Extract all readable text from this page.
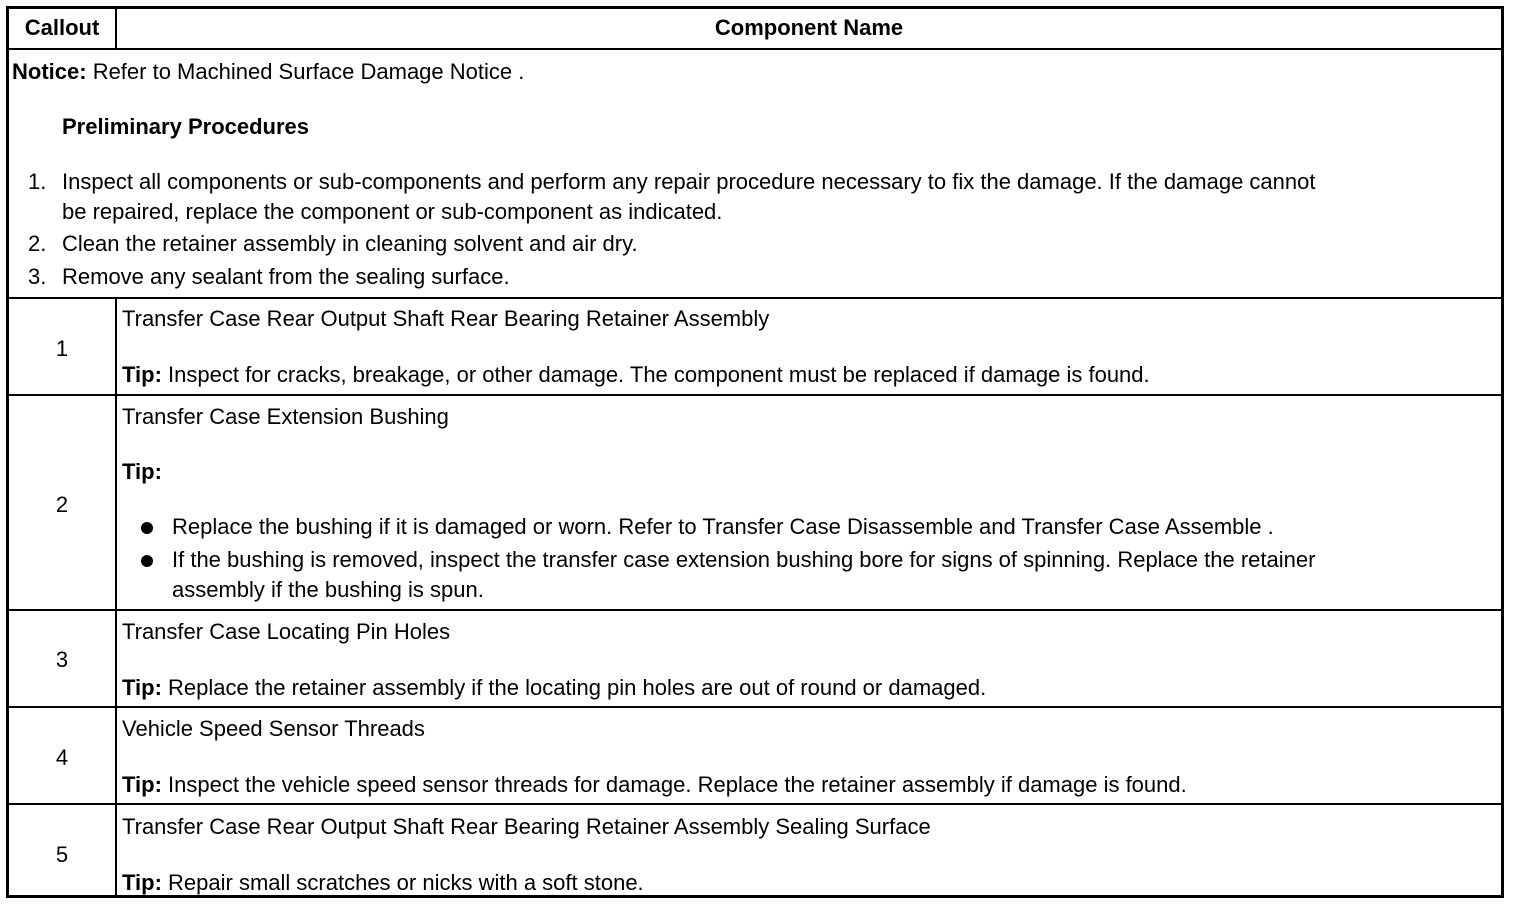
Callout	Component Name
Notice: Refer to Machined Surface Damage Notice .
Preliminary Procedures
1. Inspect all components or sub-components and perform any repair procedure necessary to fix the damage. If the damage cannot
be repaired, replace the component or sub-component as indicated.
2. Clean the retainer assembly in cleaning solvent and air dry.
3. Remove any sealant from the sealing surface.
1
Transfer Case Rear Output Shaft Rear Bearing Retainer Assembly
Tip: Inspect for cracks, breakage, or other damage. The component must be replaced if damage is found.
2
Transfer Case Extension Bushing
Tip:
Replace the bushing if it is damaged or worn. Refer to Transfer Case Disassemble and Transfer Case Assemble .
If the bushing is removed, inspect the transfer case extension bushing bore for signs of spinning. Replace the retainer
assembly if the bushing is spun.
3
Transfer Case Locating Pin Holes
Tip: Replace the retainer assembly if the locating pin holes are out of round or damaged.
4
Vehicle Speed Sensor Threads
Tip: Inspect the vehicle speed sensor threads for damage. Replace the retainer assembly if damage is found.
5
Transfer Case Rear Output Shaft Rear Bearing Retainer Assembly Sealing Surface
Tip: Repair small scratches or nicks with a soft stone.
